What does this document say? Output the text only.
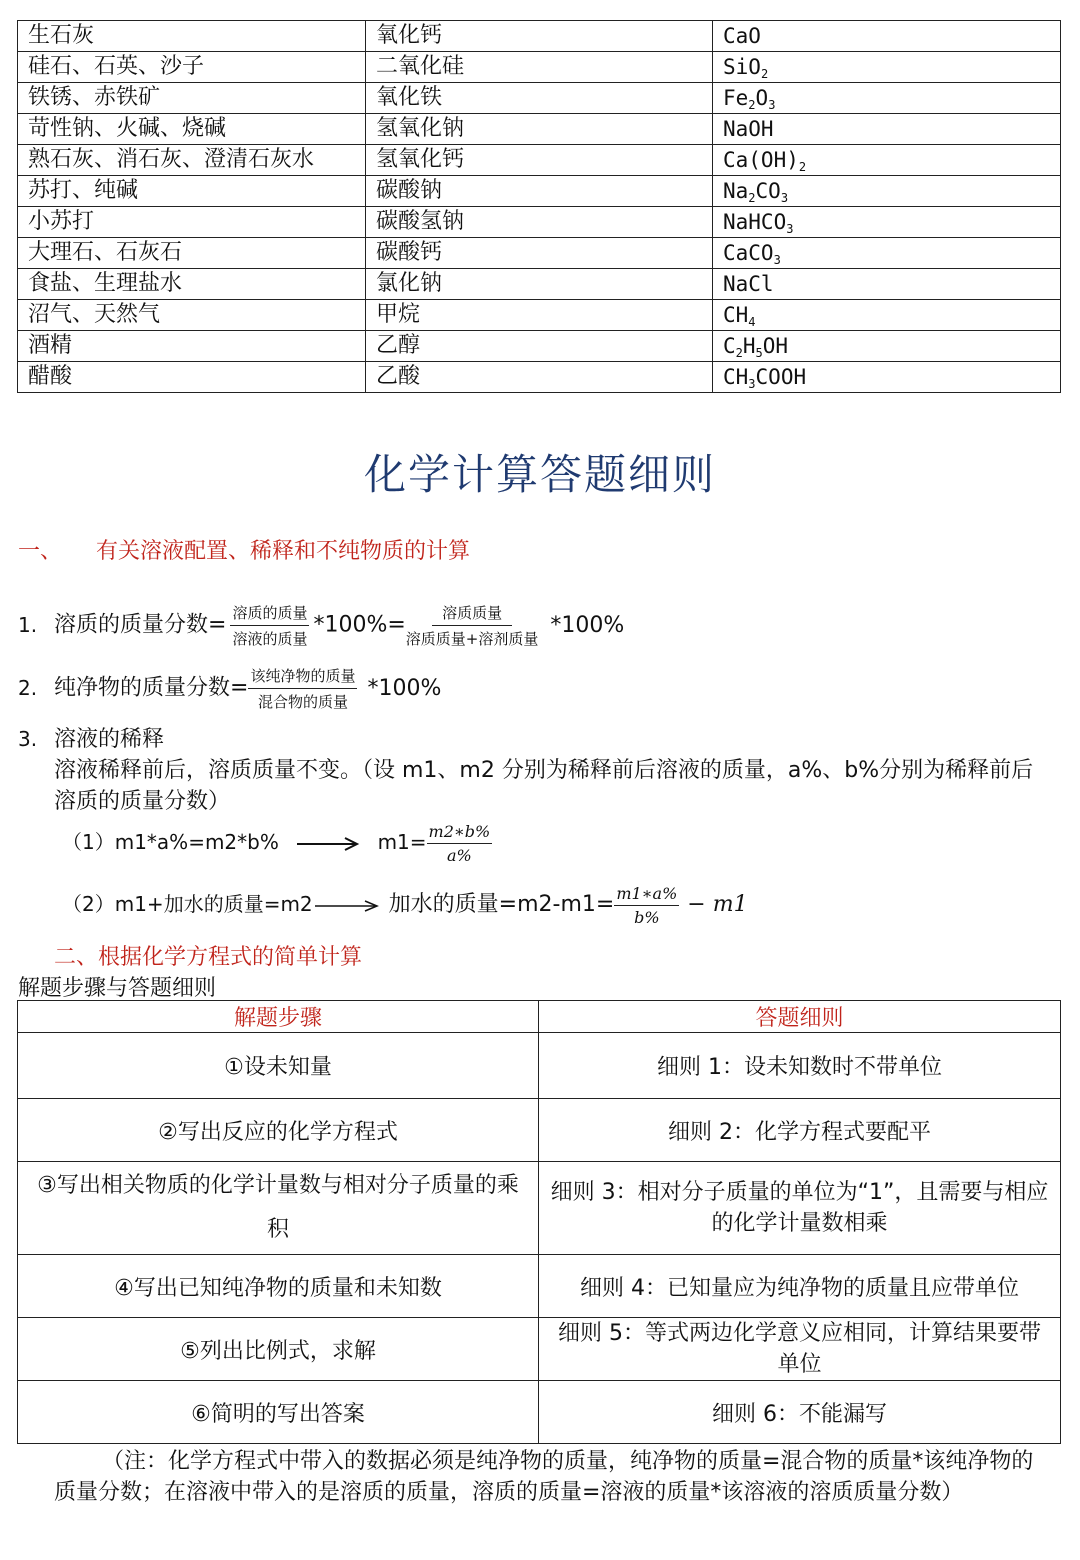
生石灰	氧化钙	CaO
硅石、石英、沙子	二氧化硅	SiO$_2$
铁锈、赤铁矿	氧化铁	$Fe_2O_3$
苛性钠、火碱、烧碱	氢氧化钠	NaOH
熟石灰、消石灰、澄清石灰水	氢氧化钙	$Ca(OH)_2$
苏打、纯碱	碳酸钠	$Na_2CO_3$
小苏打	碳酸氢钠	NaHCO$_3$
大理石、石灰石	碳酸钙	CaCO$_3$
食盐、生理盐水	氯化钠	NaCl
沼气、天然气	甲烷	$CH_4$
酒精	乙醇	$C_2H_5OH$
醋酸	乙酸	$CH_3COOH$
化学计算答题细则
一、 有关溶液配置、稀释和不纯物质的计算
1. 溶质的质量分数= $\frac{\text{溶质的质量}}{\text{溶液的质量}} *100\%= \frac{\text{溶质质量}}{\text{溶质质量+溶剂质量}} *100\%$
2. 纯净物的质量分数= $\frac{\text{该纯净物的质量}}{\text{混合物的质量}} *100\%$
3. 溶液的稀释
溶液稀释前后，溶质质量不变。（设 m1、m2 分别为稀释前后溶液的质量，a%、b%分别为稀释前后
溶质的质量分数）
（1）m1*a%=m2*b%	$m1= \frac{m2∗b\%}{a\%}$
（2）m1+加水的质量=m2	加水的质量$=m2-m1= \frac{m1∗a\%}{b\%} - m1$
二、根据化学方程式的简单计算
解题步骤与答题细则
解题步骤	答题细则
①设未知量	细则 1：设未知数时不带单位
②写出反应的化学方程式	细则 2：化学方程式要配平
③写出相关物质的化学计量数与相对分子质量的乘积	细则 3：相对分子质量的单位为“1”，且需要与相应的化学计量数相乘
④写出已知纯净物的质量和未知数	细则 4：已知量应为纯净物的质量且应带单位
⑤列出比例式，求解	细则 5：等式两边化学意义应相同，计算结果要带单位
⑥简明的写出答案	细则 6：不能漏写
（注：化学方程式中带入的数据必须是纯净物的质量，纯净物的质量=混合物的质量*该纯净物的质量分数；在溶液中带入的是溶质的质量，溶质的质量=溶液的质量*该溶液的溶质质量分数）
